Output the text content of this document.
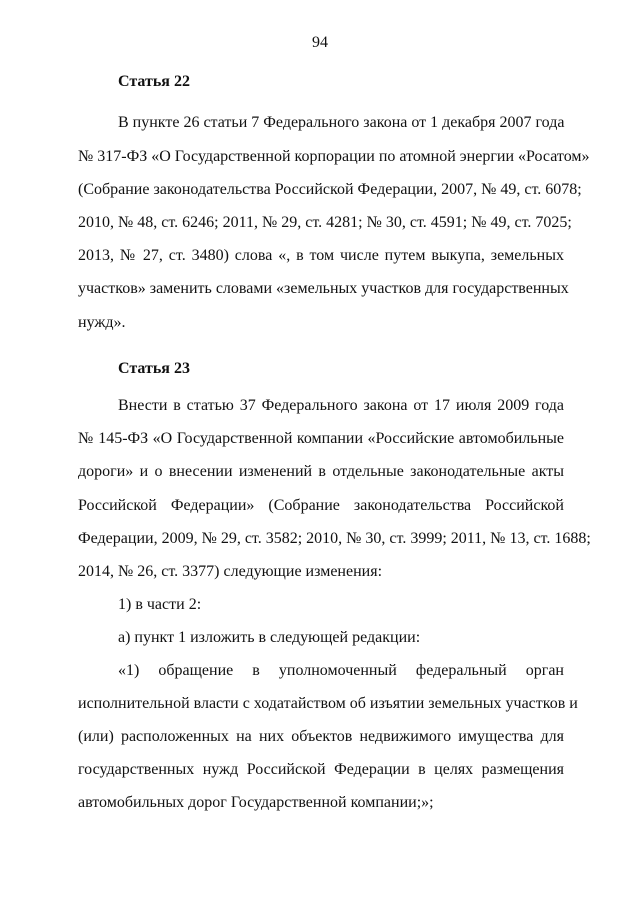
94
Статья 22
В пункте 26 статьи 7 Федерального закона от 1 декабря 2007 года
№ 317-ФЗ «О Государственной корпорации по атомной энергии «Росатом»
(Собрание законодательства Российской Федерации, 2007, № 49, ст. 6078;
2010, № 48, ст. 6246; 2011, № 29, ст. 4281; № 30, ст. 4591; № 49, ст. 7025;
2013, № 27, ст. 3480) слова «, в том числе путем выкупа, земельных
участков» заменить словами «земельных участков для государственных
нужд».
Статья 23
Внести в статью 37 Федерального закона от 17 июля 2009 года
№ 145-ФЗ «О Государственной компании «Российские автомобильные
дороги» и о внесении изменений в отдельные законодательные акты
Российской Федерации» (Собрание законодательства Российской
Федерации, 2009, № 29, ст. 3582; 2010, № 30, ст. 3999; 2011, № 13, ст. 1688;
2014, № 26, ст. 3377) следующие изменения:
1) в части 2:
а) пункт 1 изложить в следующей редакции:
«1) обращение в уполномоченный федеральный орган
исполнительной власти с ходатайством об изъятии земельных участков и
(или) расположенных на них объектов недвижимого имущества для
государственных нужд Российской Федерации в целях размещения
автомобильных дорог Государственной компании;»;
